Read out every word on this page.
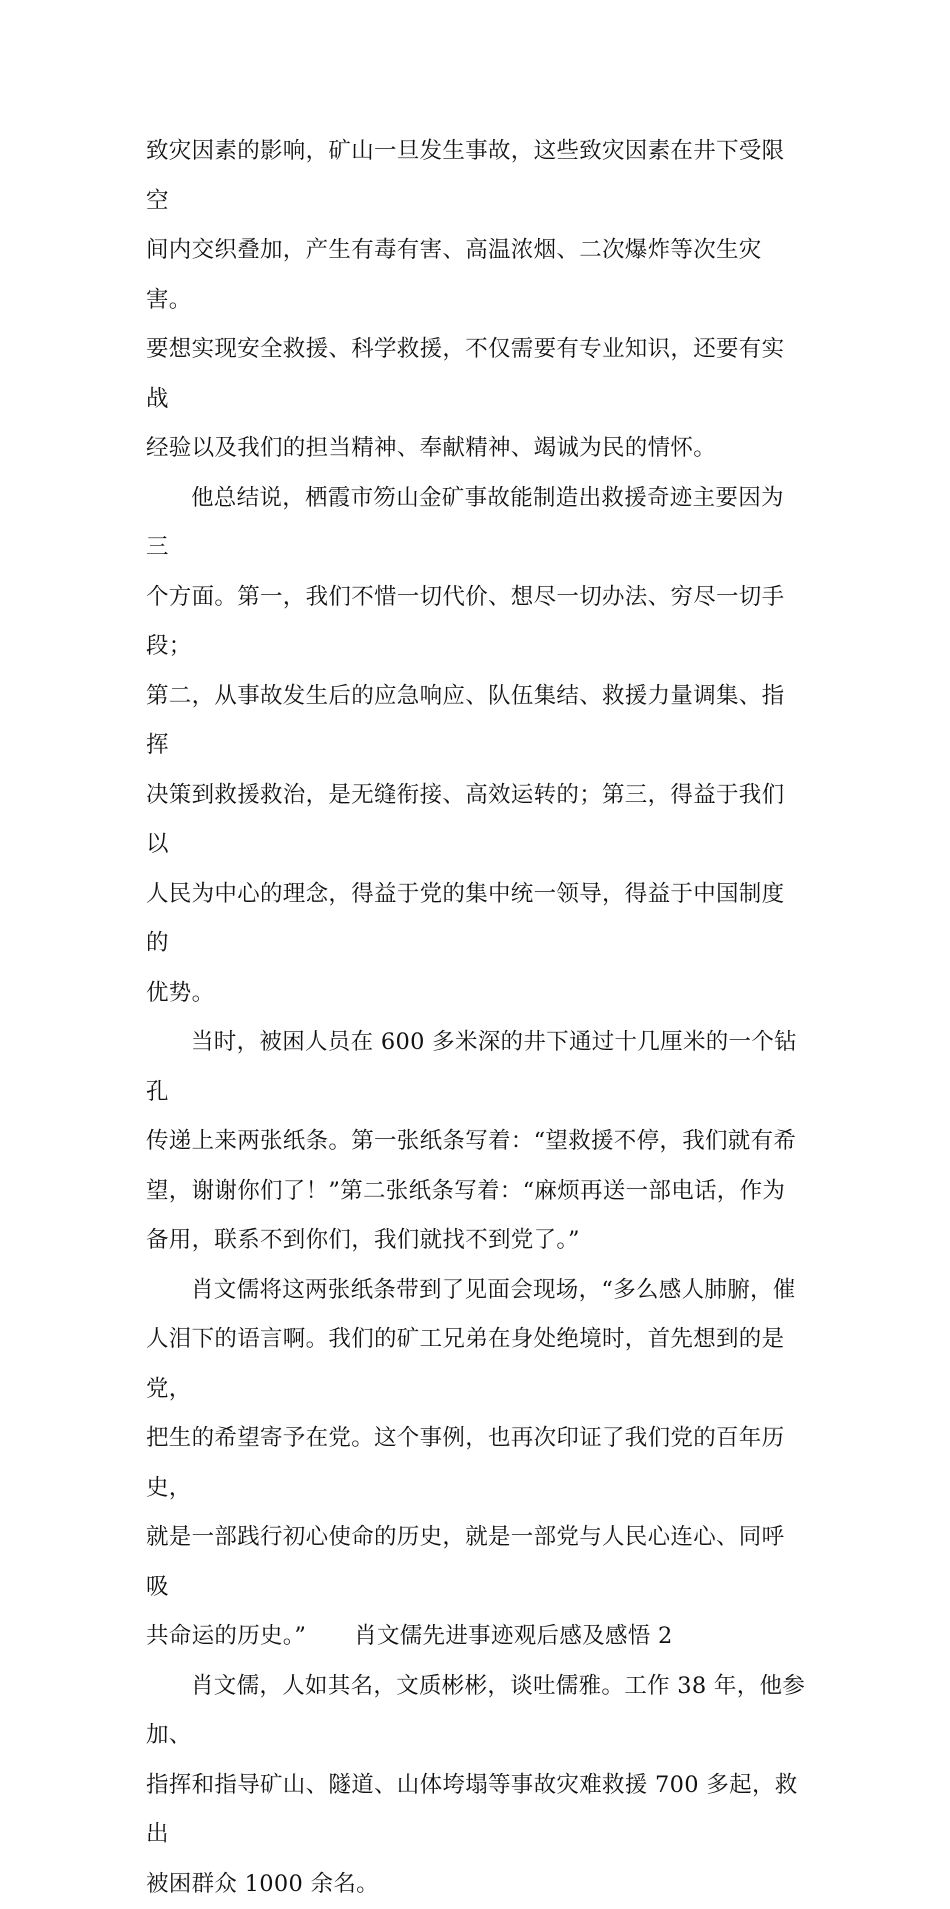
致灾因素的影响，矿山一旦发生事故，这些致灾因素在井下受限空
间内交织叠加，产生有毒有害、高温浓烟、二次爆炸等次生灾害。
要想实现安全救援、科学救援，不仅需要有专业知识，还要有实战
经验以及我们的担当精神、奉献精神、竭诚为民的情怀。

他总结说，栖霞市笏山金矿事故能制造出救援奇迹主要因为三
个方面。第一，我们不惜一切代价、想尽一切办法、穷尽一切手段；
第二，从事故发生后的应急响应、队伍集结、救援力量调集、指挥
决策到救援救治，是无缝衔接、高效运转的；第三，得益于我们以
人民为中心的理念，得益于党的集中统一领导，得益于中国制度的
优势。

当时，被困人员在 600 多米深的井下通过十几厘米的一个钻孔
传递上来两张纸条。第一张纸条写着：“望救援不停，我们就有希
望，谢谢你们了！”第二张纸条写着：“麻烦再送一部电话，作为
备用，联系不到你们，我们就找不到党了。”

肖文儒将这两张纸条带到了见面会现场，“多么感人肺腑，催
人泪下的语言啊。我们的矿工兄弟在身处绝境时，首先想到的是党，
把生的希望寄予在党。这个事例，也再次印证了我们党的百年历史，
就是一部践行初心使命的历史，就是一部党与人民心连心、同呼吸
共命运的历史。” 肖文儒先进事迹观后感及感悟 2

肖文儒，人如其名，文质彬彬，谈吐儒雅。工作 38 年，他参加、
指挥和指导矿山、隧道、山体垮塌等事故灾难救援 700 多起，救出
被困群众 1000 余名。
